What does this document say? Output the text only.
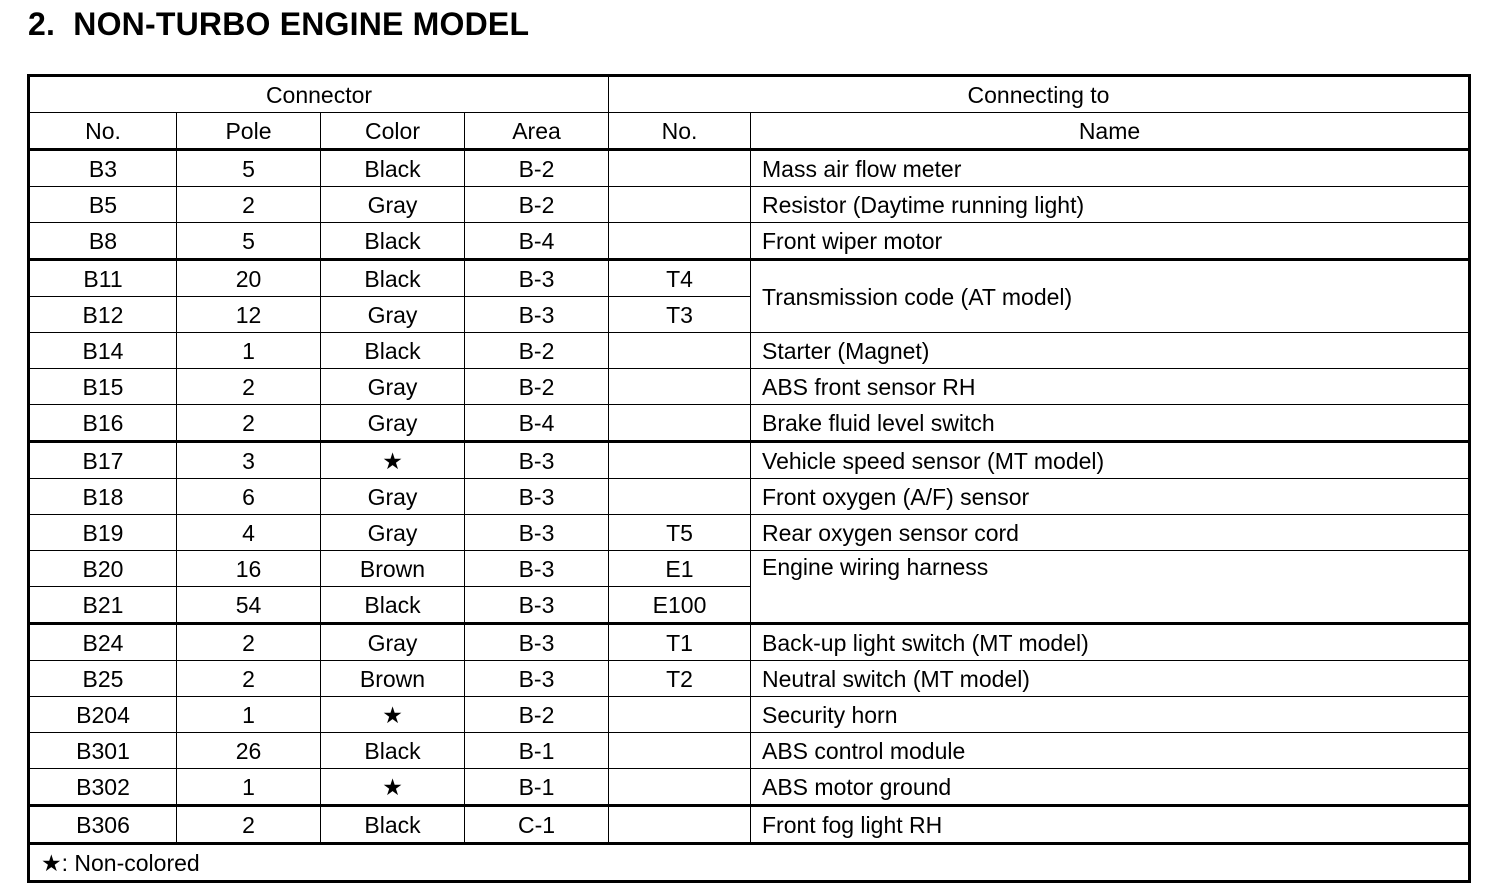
2.  NON-TURBO ENGINE MODEL
Connector				Connecting to	
No.	Pole	Color	Area	No.	Name
B3	5	Black	B-2		Mass air flow meter
B5	2	Gray	B-2		Resistor (Daytime running light)
B8	5	Black	B-4		Front wiper motor
B11	20	Black	B-3	T4	Transmission code (AT model)
B12	12	Gray	B-3	T3	
B14	1	Black	B-2		Starter (Magnet)
B15	2	Gray	B-2		ABS front sensor RH
B16	2	Gray	B-4		Brake fluid level switch
B17	3	★	B-3		Vehicle speed sensor (MT model)
B18	6	Gray	B-3		Front oxygen (A/F) sensor
B19	4	Gray	B-3	T5	Rear oxygen sensor cord
B20	16	Brown	B-3	E1	Engine wiring harness
B21	54	Black	B-3	E100	
B24	2	Gray	B-3	T1	Back-up light switch (MT model)
B25	2	Brown	B-3	T2	Neutral switch (MT model)
B204	1	★	B-2		Security horn
B301	26	Black	B-1		ABS control module
B302	1	★	B-1		ABS motor ground
B306	2	Black	C-1		Front fog light RH
★: Non-colored					
